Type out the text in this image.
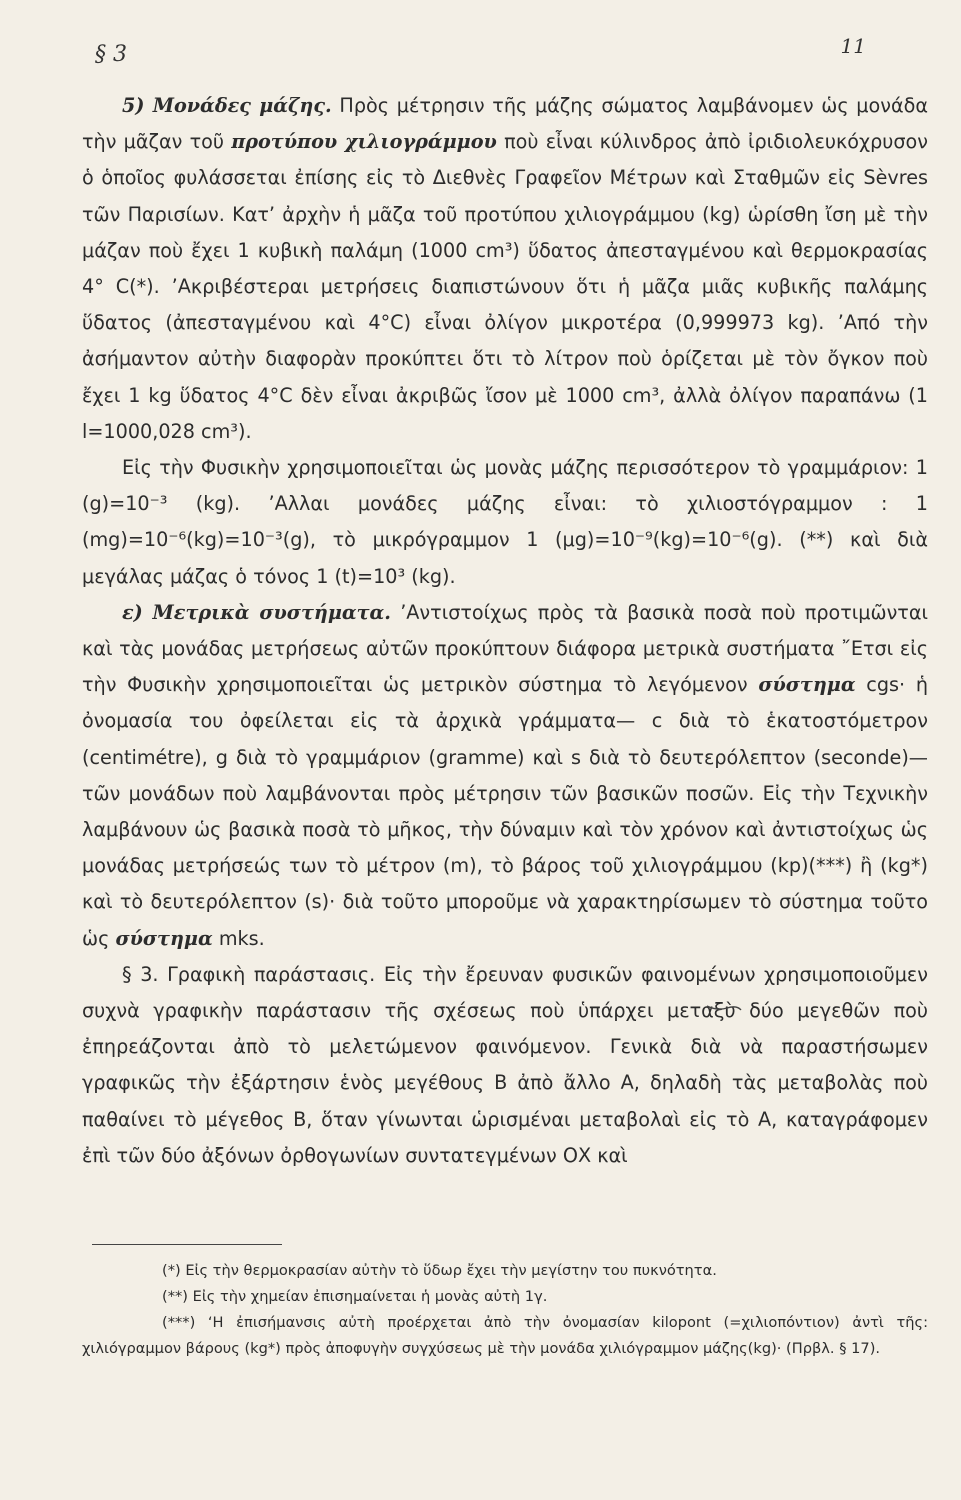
§ 3	11

5) Μονάδες μάζης. Πρὸς μέτρησιν τῆς μάζης σώματος λαμβάνομεν ὡς μονάδα τὴν μᾶζαν τοῦ προτύπου χιλιογράμμου ποὺ εἶναι κύλινδρος ἀπὸ ἰριδιολευκόχρυσον ὁ ὁποῖος φυλάσσεται ἐπίσης εἰς τὸ Διεθνὲς Γραφεῖον Μέτρων καὶ Σταθμῶν εἰς Sèvres τῶν Παρισίων. Κατ’ ἀρχὴν ἡ μᾶζα τοῦ προτύπου χιλιογράμμου (kg) ὡρίσθη ἴση μὲ τὴν μάζαν ποὺ ἔχει 1 κυβικὴ παλάμη (1000 cm³) ὕδατος ἀπεσταγμένου καὶ θερμοκρασίας 4° C(*). ’Ακριβέστεραι μετρήσεις διαπιστώνουν ὅτι ἡ μᾶζα μιᾶς κυβικῆς παλάμης ὕδατος (ἀπεσταγμένου καὶ 4°C) εἶναι ὀλίγον μικροτέρα (0,999973 kg). ’Από τὴν ἀσήμαντον αὐτὴν διαφορὰν προκύπτει ὅτι τὸ λίτρον ποὺ ὁρίζεται μὲ τὸν ὄγκον ποὺ ἔχει 1 kg ὕδατος 4°C δὲν εἶναι ἀκριβῶς ἴσον μὲ 1000 cm³, ἀλλὰ ὀλίγον παραπάνω (1 l=1000,028 cm³).

Εἰς τὴν Φυσικὴν χρησιμοποιεῖται ὡς μονὰς μάζης περισσότερον τὸ γραμμάριον: 1 (g)=10⁻³ (kg). ’Αλλαι μονάδες μάζης εἶναι: τὸ χιλιοστόγραμμον : 1 (mg)=10⁻⁶(kg)=10⁻³(g), τὸ μικρόγραμμον 1 (μg)=10⁻⁹(kg)=10⁻⁶(g). (**) καὶ διὰ μεγάλας μάζας ὁ τόνος 1 (t)=10³ (kg).

ε) Μετρικὰ συστήματα. ’Αντιστοίχως πρὸς τὰ βασικὰ ποσὰ ποὺ προτιμῶνται καὶ τὰς μονάδας μετρήσεως αὐτῶν προκύπτουν διάφορα μετρικὰ συστήματα ῎Ετσι εἰς τὴν Φυσικὴν χρησιμοποιεῖται ὡς μετρικὸν σύστημα τὸ λεγόμενον σύστημα cgs· ἡ ὀνομασία του ὀφείλεται εἰς τὰ ἀρχικὰ γράμματα— c διὰ τὸ ἑκατοστόμετρον (centimétre), g διὰ τὸ γραμμάριον (gramme) καὶ s διὰ τὸ δευτερόλεπτον (seconde)— τῶν μονάδων ποὺ λαμβάνονται πρὸς μέτρησιν τῶν βασικῶν ποσῶν. Εἰς τὴν Τεχνικὴν λαμβάνουν ὡς βασικὰ ποσὰ τὸ μῆκος, τὴν δύναμιν καὶ τὸν χρόνον καὶ ἀντιστοίχως ὡς μονάδας μετρήσεώς των τὸ μέτρον (m), τὸ βάρος τοῦ χιλιογράμμου (kp)(***) ἢ (kg*) καὶ τὸ δευτερόλεπτον (s)· διὰ τοῦτο μποροῦμε νὰ χαρακτηρίσωμεν τὸ σύστημα τοῦτο ὡς σύστημα mks.

§ 3. Γραφικὴ παράστασις. Εἰς τὴν ἔρευναν φυσικῶν φαινομένων χρησιμοποιοῦμεν συχνὰ γραφικὴν παράστασιν τῆς σχέσεως ποὺ ὑπάρχει μεταξὺ δύο μεγεθῶν ποὺ ἐπηρεάζονται ἀπὸ τὸ μελετώμενον φαινόμενον. Γενικὰ διὰ νὰ παραστήσωμεν γραφικῶς τὴν ἐξάρτησιν ἑνὸς μεγέθους Β ἀπὸ ἄλλο Α, δηλαδὴ τὰς μεταβολὰς ποὺ παθαίνει τὸ μέγεθος Β, ὅταν γίνωνται ὡρισμέναι μεταβολαὶ εἰς τὸ Α, καταγράφομεν ἐπὶ τῶν δύο ἀξόνων ὀρθογωνίων συντατεγμένων ΟΧ καὶ

(*) Εἰς τὴν θερμοκρασίαν αὐτὴν τὸ ὕδωρ ἔχει τὴν μεγίστην του πυκνότητα.

(**) Εἰς τὴν χημείαν ἐπισημαίνεται ἡ μονὰς αὐτὴ 1γ.

(***) ‘Η ἐπισήμανσις αὐτὴ προέρχεται ἀπὸ τὴν ὀνομασίαν kilopont (=χιλιοπόντιον) ἀντὶ τῆς: χιλιόγραμμον βάρους (kg*) πρὸς ἀποφυγὴν συγχύσεως μὲ τὴν μονάδα χιλιόγραμμον μάζης(kg)· (Πρβλ. § 17).
